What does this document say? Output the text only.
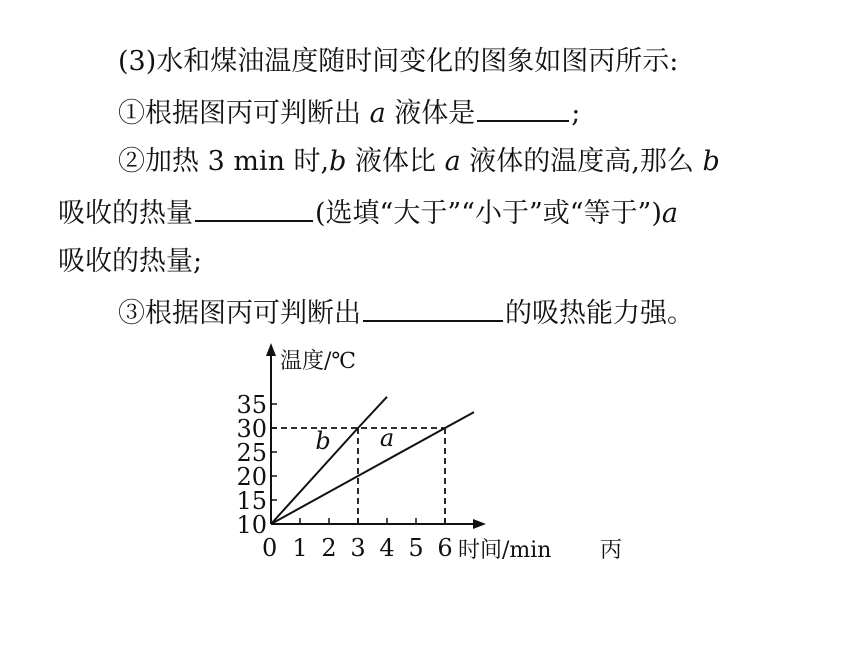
(3)水和煤油温度随时间变化的图象如图丙所示:
①根据图丙可判断出 a 液体是	;
②加热 3 min 时,b 液体比 a 液体的温度高,那么 b
吸收的热量	(选填“大于”“小于”或“等于”)a
吸收的热量;
③根据图丙可判断出	的吸热能力强。
温度/℃
时间/min 丙
0
10
15
20
25
30
35
1 2 3 4 5 6
b a
